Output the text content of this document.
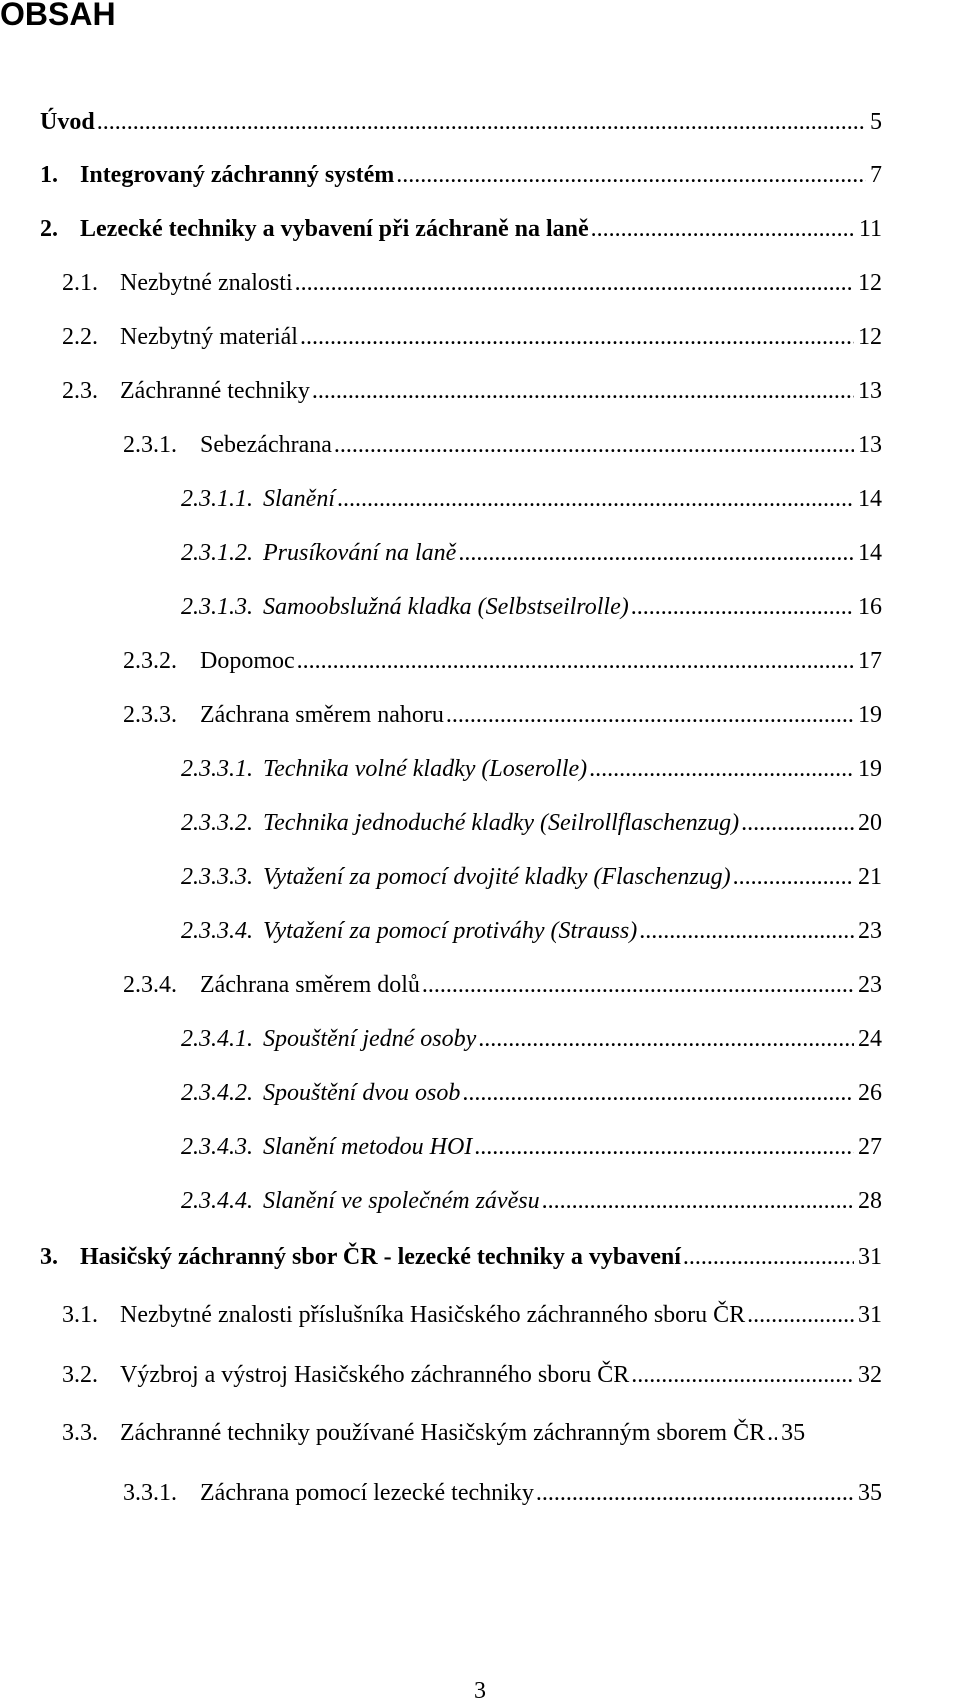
OBSAH
Úvod .....	5
1. Integrovaný záchranný systém .....	7
2. Lezecké techniky a vybavení při záchraně na laně .....	11
2.1. Nezbytné znalosti .....	12
2.2. Nezbytný materiál .....	12
2.3. Záchranné techniky .....	13
2.3.1. Sebezáchrana .....	13
2.3.1.1. Slanění .....	14
2.3.1.2. Prusíkování na laně .....	14
2.3.1.3. Samoobslužná kladka (Selbstseilrolle) .....	16
2.3.2. Dopomoc .....	17
2.3.3. Záchrana směrem nahoru .....	19
2.3.3.1. Technika volné kladky (Loserolle) .....	19
2.3.3.2. Technika jednoduché kladky (Seilrollflaschenzug) .....	20
2.3.3.3. Vytažení za pomocí dvojité kladky (Flaschenzug) .....	21
2.3.3.4. Vytažení za pomocí protiváhy (Strauss) .....	23
2.3.4. Záchrana směrem dolů .....	23
2.3.4.1. Spouštění jedné osoby .....	24
2.3.4.2. Spouštění dvou osob .....	26
2.3.4.3. Slanění metodou HOI .....	27
2.3.4.4. Slanění ve společném závěsu .....	28
3. Hasičský záchranný sbor ČR - lezecké techniky a vybavení .....	31
3.1. Nezbytné znalosti příslušníka Hasičského záchranného sboru ČR .....	31
3.2. Výzbroj a výstroj Hasičského záchranného sboru ČR .....	32
3.3. Záchranné techniky používané Hasičským záchranným sborem ČR ..... 35
3.3.1. Záchrana pomocí lezecké techniky .....	35
3
